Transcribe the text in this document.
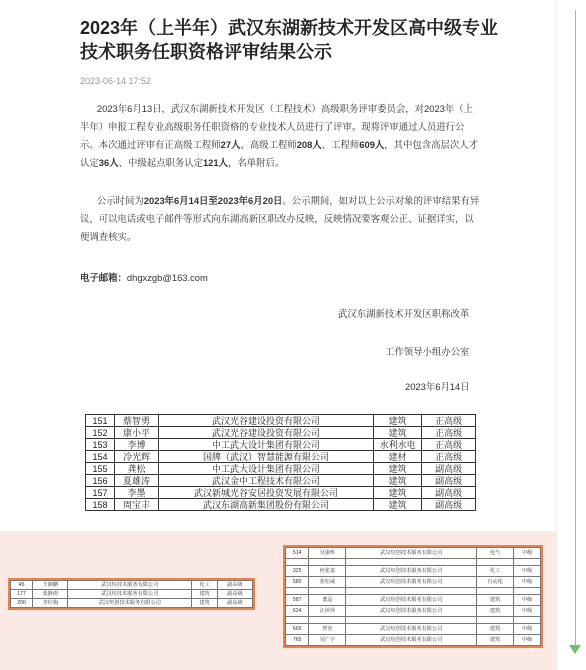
2023年（上半年）武汉东湖新技术开发区高中级专业技术职务任职资格评审结果公示
2023-06-14 17:52

2023年6月13日，武汉东湖新技术开发区（工程技术）高级职务评审委员会，对2023年（上半年）申报工程专业高级职务任职资格的专业技术人员进行了评审。现将评审通过人员进行公示。本次通过评审有正高级工程师27人、高级工程师208人、工程师609人，其中包含高层次人才认定36人、中级起点职务认定121人，名单附后。

公示时间为2023年6月14日至2023年6月20日。公示期间，如对以上公示对象的评审结果有异议，可以电话或电子邮件等形式向东湖高新区职改办反映，反映情况要客观公正、证据详实，以便调查核实。

电子邮箱：dhgxzgb@163.com
武汉东湖新技术开发区职称改革
工作领导小组办公室
2023年6月14日
151	蔡智勇	武汉光谷建设投资有限公司	建筑	正高级
152	康小平	武汉光谷建设投资有限公司	建筑	正高级
153	李博	中工武大设计集团有限公司	水利水电	正高级
154	冷光辉	国牌（武汉）智慧能源有限公司	建材	正高级
155	龚松	中工武大设计集团有限公司	建筑	副高级
156	夏雄涛	武汉金中工程技术有限公司	建筑	副高级
157	李墨	武汉新城光谷安居投资发展有限公司	建筑	副高级
158	周宝丰	武汉东湖高新集团股份有限公司	建筑	副高级
45	王湘鹏	武汉烜技术服务有限公司	化工	副高级
177	张静雨	武汉烜技术服务有限公司	建筑	副高级
200	李红梅	武汉烜创技术服务有限公司	建筑	副高级
514	吴康辉	武汉烜创技术服务有限公司	电气	中级

325	何张嘉	武汉烜创技术服务有限公司	化工	中级
580	张松威	武汉烜创技术服务有限公司	自动化	中级

587	耄晶	武汉烜创技术服务有限公司	建筑	中级
624	汪萍萍	武汉烜创技术服务有限公司	建筑	中级

665	曾奕	武汉烜创技术服务有限公司	建筑	中级
765	吴广宇	武汉烜创技术服务有限公司	建筑	中级
